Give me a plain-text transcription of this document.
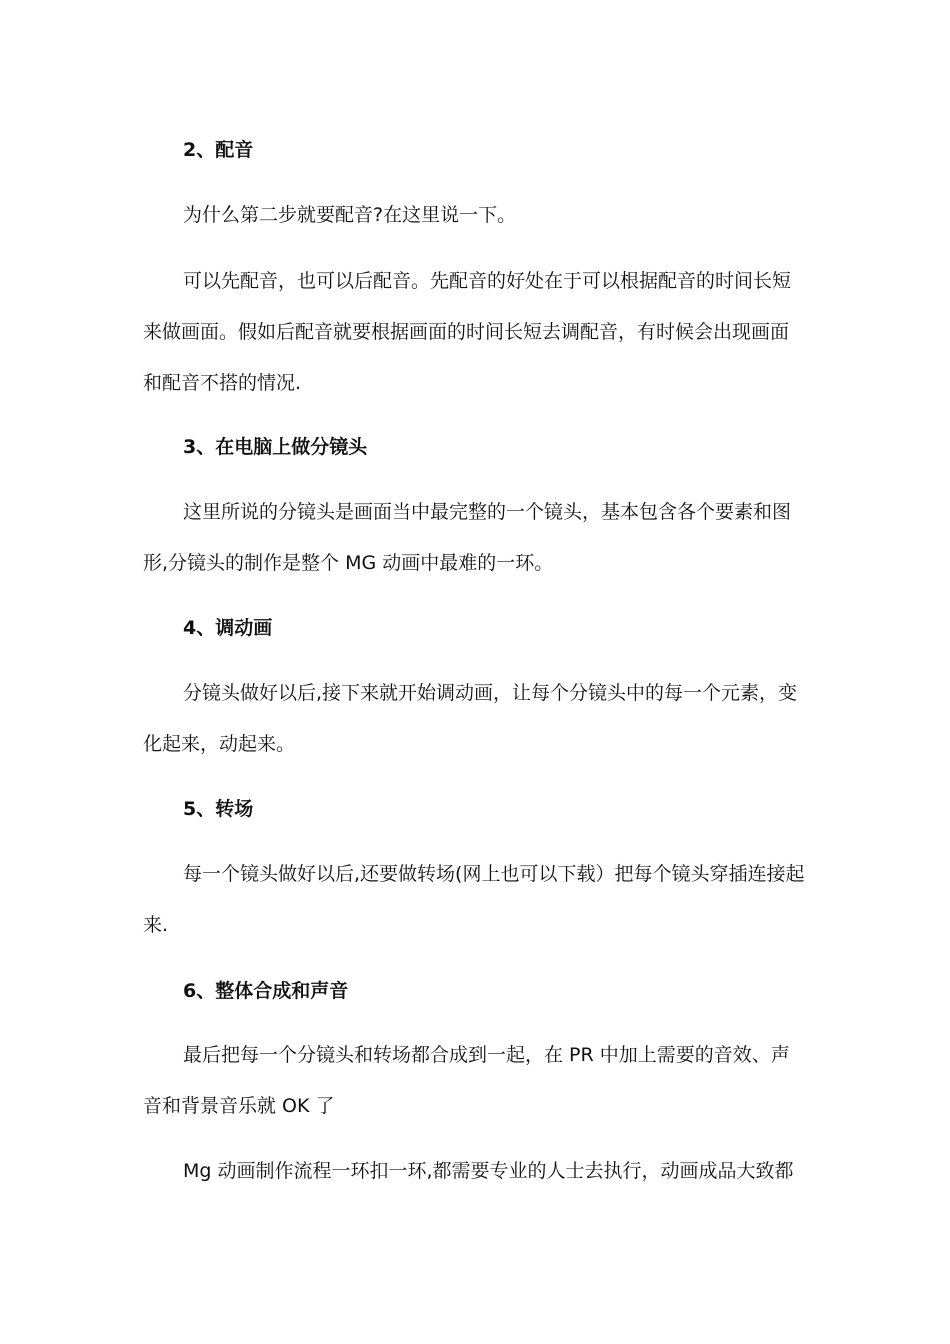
2、配音
为什么第二步就要配音?在这里说一下。
可以先配音，也可以后配音。先配音的好处在于可以根据配音的时间长短
来做画面。假如后配音就要根据画面的时间长短去调配音，有时候会出现画面
和配音不搭的情况.
3、在电脑上做分镜头
这里所说的分镜头是画面当中最完整的一个镜头，基本包含各个要素和图
形,分镜头的制作是整个 MG 动画中最难的一环。
4、调动画
分镜头做好以后,接下来就开始调动画，让每个分镜头中的每一个元素，变
化起来，动起来。
5、转场
每一个镜头做好以后,还要做转场(网上也可以下载）把每个镜头穿插连接起
来.
6、整体合成和声音
最后把每一个分镜头和转场都合成到一起，在 PR 中加上需要的音效、声
音和背景音乐就 OK 了
Mg 动画制作流程一环扣一环,都需要专业的人士去执行，动画成品大致都
